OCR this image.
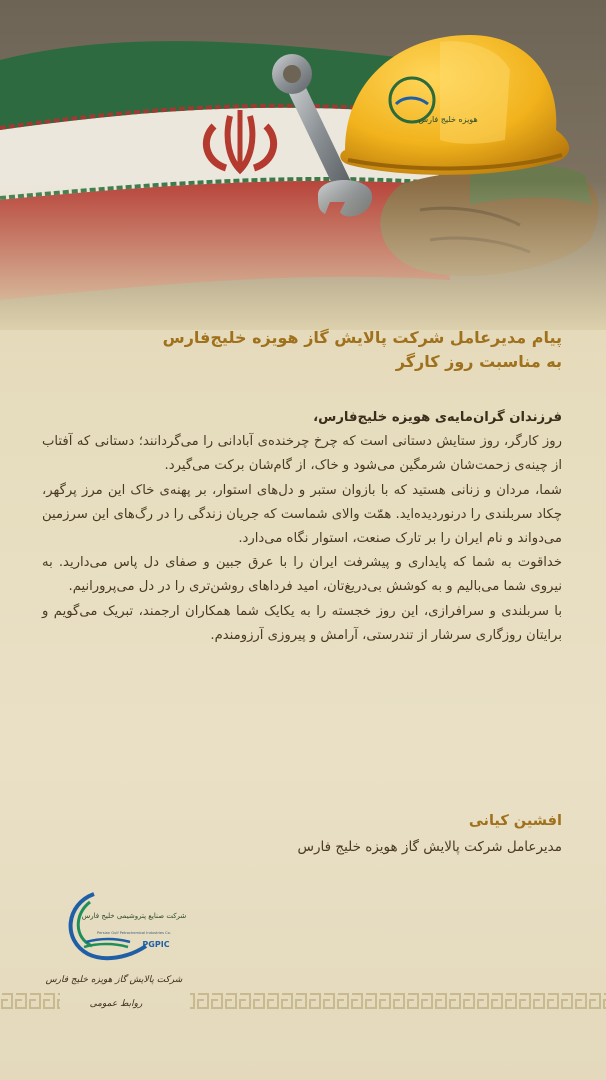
پیام مدیرعامل شرکت پالایش گاز هویزه خلیج‌فارس

به مناسبت روز کارگر

فرزندان گران‌مایه‌ی هویزه خلیج‌فارس،

روز کارگر، روز ستایش دستانی است که چرخ چرخنده‌ی آبادانی را می‌گردانند؛ دستانی که آفتاب از چینه‌ی زحمت‌شان شرمگین می‌شود و خاک، از گام‌شان برکت می‌گیرد.

شما، مردان و زنانی هستید که با بازوان ستبر و دل‌های استوار، بر پهنه‌ی خاک این مرز پرگهر، چکاد سربلندی را درنوردیده‌اید. همّت والای شماست که جریان زندگی را در رگ‌های این سرزمین می‌دواند و نام ایران را بر تارک صنعت، استوار نگاه می‌دارد.

خداقوت به شما که پایداری و پیشرفت ایران را با عرق جبین و صفای دل پاس می‌دارید. به نیروی شما می‌بالیم و به کوشش بی‌دریغ‌تان، امید فرداهای روشن‌تری را در دل می‌پرورانیم.

با سربلندی و سرافرازی، این روز خجسته را به یکایک شما همکاران ارجمند، تبریک می‌گویم و برایتان روزگاری سرشار از تندرستی، آرامش و پیروزی آرزومندم.

افشین کیانی

مدیرعامل شرکت پالایش گاز هویزه خلیج فارس

شرکت صنایع پتروشیمی خلیج فارس
Persian Gulf Petrochemical Industries Co.
PGPIC
شرکت پالایش گاز هویزه خلیج فارس
روابط عمومی
